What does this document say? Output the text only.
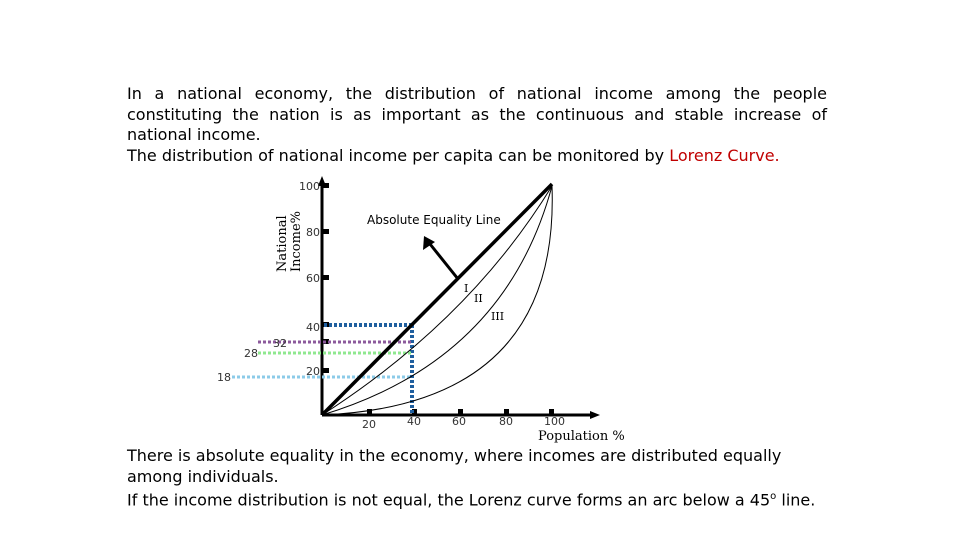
In a national economy, the distribution of national income among the people constituting the nation is as important as the continuous and stable increase of national income.
The distribution of national income per capita can be monitored by Lorenz Curve.
Absolute Equality Line
I
II
III
National Income%
Population %
100
80
60
40
32
20
28
18
20	40	60	80	100
There is absolute equality in the economy, where incomes are distributed equally among individuals.
If the income distribution is not equal, the Lorenz curve forms an arc below a 45$^o$ line.
